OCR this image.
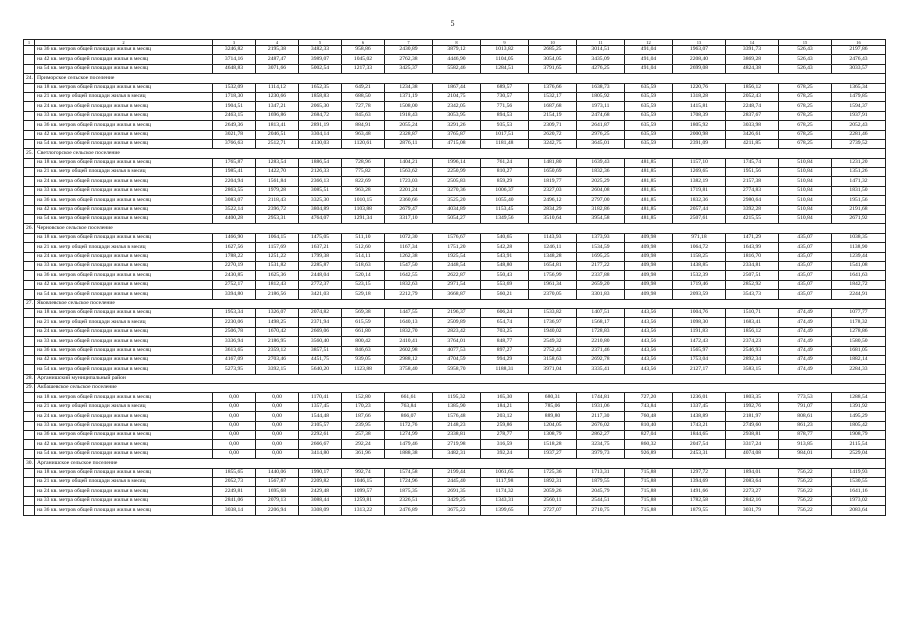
5
1	2	3	4	5	6	7	8	9	10	11	12	13	14	15	16
	на 36 кв. метров общей площади жилья в месяц	3246,82	2195,38	3482,33	958,86	2430,89	3879,12	1013,82	2685,25	3014,51	491,04	1963,07	3391,73	526,43	2197,86
	на 42 кв. метра общей площади жилья в месяц	3714,16	2487,47	3989,07	1045,02	2762,38	4446,90	1104,05	3054,05	3435,09	491,04	2208,40	3869,28	526,43	2476,43
	на 54 кв. метра общей площади жилья в месяц	4648,83	3071,66	5002,54	1217,33	3425,37	5582,46	1284,51	3791,65	4276,25	491,04	2699,08	4824,38	526,43	3033,57
24.	Приморское сельское поселение														
	на 18 кв. метров общей площади жилья в месяц	1532,09	1114,12	1652,35	649,21	1234,38	1867,44	689,57	1376,66	1638,73	635,59	1220,76	1856,12	678,25	1365,34
	на 21 кв. метр общей площади жилья в месяц	1718,30	1230,66	1858,83	688,50	1371,19	2104,75	730,57	1532,17	1805,92	635,59	1318,28	2052,43	678,25	1479,85
	на 24 кв. метра общей площади жилья в месяц	1904,51	1347,21	2065,30	727,78	1508,00	2342,05	771,56	1687,68	1973,11	635,59	1415,81	2248,74	678,25	1594,37
	на 33 кв. метра общей площади жилья в месяц	2463,15	1696,86	2684,72	845,63	1918,43	3053,95	894,53	2154,19	2474,68	635,59	1708,39	2837,67	678,25	1937,91
	на 36 кв. метров общей площади жилья в месяц	2649,36	1813,41	2891,19	884,91	2055,24	3291,26	935,53	2309,71	2641,87	635,59	1805,92	3033,98	678,25	2052,43
	на 42 кв. метра общей площади жилья в месяц	3021,78	2046,51	3304,14	963,48	2328,87	3765,87	1017,51	2620,72	2976,25	635,59	2000,98	3426,61	678,25	2281,46
	на 54 кв. метра общей площади жилья в месяц	3766,63	2512,71	4130,03	1120,61	2876,11	4715,08	1181,48	3242,75	3645,01	635,59	2391,09	4211,85	678,25	2739,52
25.	Светлогорское сельское поселение														
	на 18 кв. метров общей площади жилья в месяц	1765,87	1283,54	1886,54	728,96	1404,21	1996,14	761,24	1481,80	1639,43	481,85	1157,10	1745,74	510,84	1231,20
	на 21 кв. метр общей площади жилья в месяц	1985,41	1422,70	2126,33	775,82	1563,62	2250,99	810,27	1650,69	1832,36	481,85	1269,65	1951,56	510,84	1351,26
	на 24 кв. метра общей площади жилья в месяц	2204,94	1561,84	2366,13	822,69	1723,03	2505,83	859,29	1819,77	2025,29	481,85	1382,19	2157,38	510,84	1471,32
	на 33 кв. метра общей площади жилья в месяц	2863,55	1979,28	3085,51	963,28	2201,24	3270,36	1006,37	2327,03	2604,08	481,85	1719,81	2774,83	510,84	1831,50
	на 36 кв. метров общей площади жилья в месяц	3083,07	2118,43	3325,30	1010,15	2360,66	3525,20	1055,40	2496,12	2797,00	481,85	1832,36	2980,64	510,84	1951,56
	на 42 кв. метра общей площади жилья в месяц	3522,14	2396,72	3804,89	1103,88	2679,47	4034,89	1153,45	2834,29	3182,86	481,85	2057,44	3392,28	510,84	2191,68
	на 54 кв. метра общей площади жилья в месяц	4400,28	2953,31	4764,07	1291,34	3317,10	5054,27	1349,56	3510,64	3954,58	481,85	2507,61	4215,55	510,84	2671,92
26.	Черновское сельское поселение														
	на 18 кв. метров общей площади жилья в месяц	1466,90	1064,15	1475,05	511,10	1072,30	1576,67	540,65	1143,93	1373,93	409,98	971,18	1471,29	435,07	1038,35
	на 21 кв. метр общей площади жилья в месяц	1627,56	1157,69	1637,21	512,60	1167,34	1751,20	542,28	1246,11	1534,59	409,98	1064,72	1643,99	435,07	1138,90
	на 24 кв. метра общей площади жилья в месяц	1788,22	1251,22	1799,38	514,11	1262,38	1925,54	543,91	1348,28	1695,25	409,98	1158,25	1816,70	435,07	1239,44
	на 33 кв. метра общей площади жилья в месяц	2270,19	1531,82	2285,87	518,63	1547,50	2448,54	548,80	1654,81	2177,22	409,98	1438,85	2334,81	435,07	1541,08
	на 36 кв. метров общей площади жилья в месяц	2430,85	1625,36	2448,04	520,14	1642,55	2622,87	550,43	1756,99	2337,88	409,98	1532,39	2507,51	435,07	1641,63
	на 42 кв. метра общей площади жилья в месяц	2752,17	1812,43	2772,37	523,15	1832,63	2971,54	553,69	1961,34	2659,20	409,98	1719,46	2852,92	435,07	1842,72
	на 54 кв. метра общей площади жилья в месяц	3394,80	2186,56	3421,03	529,18	2212,79	3668,87	560,21	2370,05	3301,83	409,98	2093,59	3543,73	435,07	2244,91
27.	Яковлевское сельское поселение														
	на 18 кв. метров общей площади жилья в месяц	1953,34	1326,07	2074,82	569,38	1447,55	2196,37	606,24	1533,82	1407,51	443,56	1004,76	1510,71	474,49	1077,77
	на 21 кв. метр общей площади жилья в месяц	2230,06	1498,25	2371,94	615,59	1640,13	2509,89	654,74	1736,97	1568,17	443,56	1098,30	1683,41	474,49	1178,32
	на 24 кв. метра общей площади жилья в месяц	2506,78	1670,42	2669,06	661,80	1832,70	2823,42	703,25	1940,02	1728,83	443,56	1191,83	1856,12	474,49	1278,86
	на 33 кв. метра общей площади жилья в месяц	3336,94	2186,95	3560,40	800,42	2410,41	3764,01	848,77	2549,32	2210,80	443,56	1472,43	2374,23	474,49	1580,50
	на 36 кв. метров общей площади жилья в месяц	3613,65	2359,12	3857,51	846,63	2602,98	4077,53	897,27	2752,42	2371,46	443,56	1565,97	2546,93	474,49	1681,05
	на 42 кв. метра общей площади жилья в месяц	4167,09	2703,46	4451,75	939,05	2988,12	4704,59	994,29	3158,63	2692,78	443,56	1753,04	2892,34	474,49	1882,14
	на 54 кв. метра общей площади жилья в месяц	5273,95	3392,15	5640,20	1123,88	3758,40	5958,70	1188,31	3971,04	3335,41	443,56	2127,17	3583,15	474,49	2284,33
28.	Арганишский муниципальный район														
29.	Акбашевское сельское поселение														
	на 18 кв. метров общей площади жилья в месяц	0,00	0,00	1170,41	152,80	661,61	1195,32	165,30	680,31	1744,81	727,20	1236,01	1803,35	773,53	1288,54
	на 21 кв. метр общей площади жилья в месяц	0,00	0,00	1357,45	170,23	763,84	1385,90	184,21	785,06	1931,06	743,84	1337,45	1992,76	791,07	1391,92
	на 24 кв. метра общей площади жилья в месяц	0,00	0,00	1544,48	187,66	866,07	1576,48	203,12	889,80	2117,30	760,48	1438,89	2181,97	808,61	1495,29
	на 33 кв. метра общей площади жилья в месяц	0,00	0,00	2105,57	239,95	1172,76	2148,23	259,86	1204,05	2676,02	810,40	1743,21	2749,60	861,23	1805,42
	на 36 кв. метров общей площади жилья в месяц	0,00	0,00	2292,61	257,38	1274,99	2338,81	278,77	1308,79	2862,27	827,04	1844,65	2938,81	878,77	1908,79
	на 42 кв. метра общей площади жилья в месяц	0,00	0,00	2666,67	292,24	1479,46	2719,98	316,59	1518,28	3234,75	860,32	2047,54	3317,24	913,85	2115,54
	на 54 кв. метра общей площади жилья в месяц	0,00	0,00	3414,80	361,96	1888,38	3482,31	392,24	1937,27	3979,73	926,89	2453,31	4074,08	984,01	2529,04
30.	Арганишское сельское поселение														
	на 18 кв. метров общей площади жилья в месяц	1855,65	1440,06	1990,17	992,74	1574,58	2199,44	1061,65	1725,36	1713,31	715,88	1297,72	1894,01	756,22	1419,93
	на 21 кв. метр общей площади жилья в месяц	2052,73	1567,87	2209,82	1046,15	1724,96	2445,40	1117,98	1892,31	1879,55	715,88	1394,69	2083,64	756,22	1530,55
	на 24 кв. метра общей площади жилья в месяц	2249,81	1695,68	2429,48	1099,57	1875,35	2691,35	1174,32	2059,26	2045,79	715,88	1491,66	2273,27	756,22	1641,16
	на 33 кв. метра общей площади жилья в месяц	2841,06	2079,13	3088,44	1259,81	2326,51	3429,25	1343,31	2560,11	2544,51	715,88	1782,58	2842,16	756,22	1973,02
	на 36 кв. метров общей площади жилья в месяц	3038,14	2206,94	3308,09	1313,22	2476,89	3675,22	1399,65	2727,07	2710,75	715,88	1879,55	3031,79	756,22	2083,64
